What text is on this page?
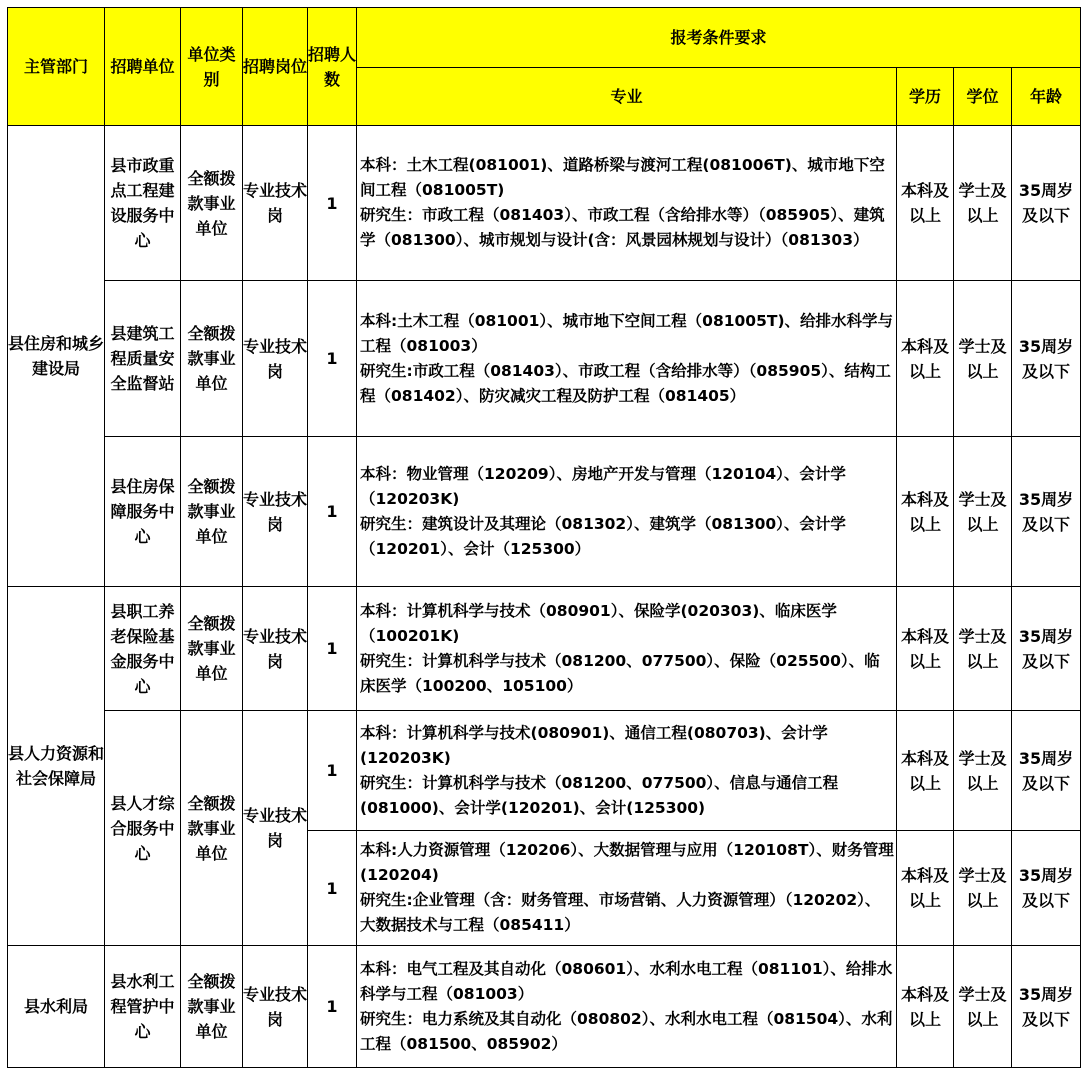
主管部门	招聘单位	单位类别	招聘岗位	招聘人数	报考条件要求			
					专业	学历	学位	年龄
县住房和城乡建设局	县市政重点工程建设服务中心	全额拨款事业单位	专业技术岗	1	本科：土木工程(081001)、道路桥梁与渡河工程(081006T)、城市地下空间工程（081005T)
研究生：市政工程（081403）、市政工程（含给排水等）（085905）、建筑学（081300）、城市规划与设计(含：风景园林规划与设计）（081303）	本科及以上	学士及以上	35周岁及以下
	县建筑工程质量安全监督站	全额拨款事业单位	专业技术岗	1	本科:土木工程（081001）、城市地下空间工程（081005T)、给排水科学与工程（081003）
研究生:市政工程（081403）、市政工程（含给排水等）（085905）、结构工程（081402）、防灾减灾工程及防护工程（081405）	本科及以上	学士及以上	35周岁及以下
	县住房保障服务中心	全额拨款事业单位	专业技术岗	1	本科：物业管理（120209）、房地产开发与管理（120104）、会计学（120203K)
研究生：建筑设计及其理论（081302）、建筑学（081300）、会计学（120201）、会计（125300）	本科及以上	学士及以上	35周岁及以下
县人力资源和社会保障局	县职工养老保险基金服务中心	全额拨款事业单位	专业技术岗	1	本科：计算机科学与技术（080901）、保险学(020303)、临床医学（100201K)
研究生：计算机科学与技术（081200、077500）、保险（025500）、临床医学（100200、105100）	本科及以上	学士及以上	35周岁及以下
	县人才综合服务中心	全额拨款事业单位	专业技术岗	1	本科：计算机科学与技术(080901)、通信工程(080703)、会计学(120203K)
研究生：计算机科学与技术（081200、077500）、信息与通信工程(081000)、会计学(120201)、会计(125300)	本科及以上	学士及以上	35周岁及以下
				1	本科:人力资源管理（120206）、大数据管理与应用（120108T）、财务管理(120204)
研究生:企业管理（含：财务管理、市场营销、人力资源管理）（120202）、大数据技术与工程（085411）	本科及以上	学士及以上	35周岁及以下
县水利局	县水利工程管护中心	全额拨款事业单位	专业技术岗	1	本科：电气工程及其自动化（080601）、水利水电工程（081101）、给排水科学与工程（081003）
研究生：电力系统及其自动化（080802）、水利水电工程（081504）、水利工程（081500、085902）	本科及以上	学士及以上	35周岁及以下
